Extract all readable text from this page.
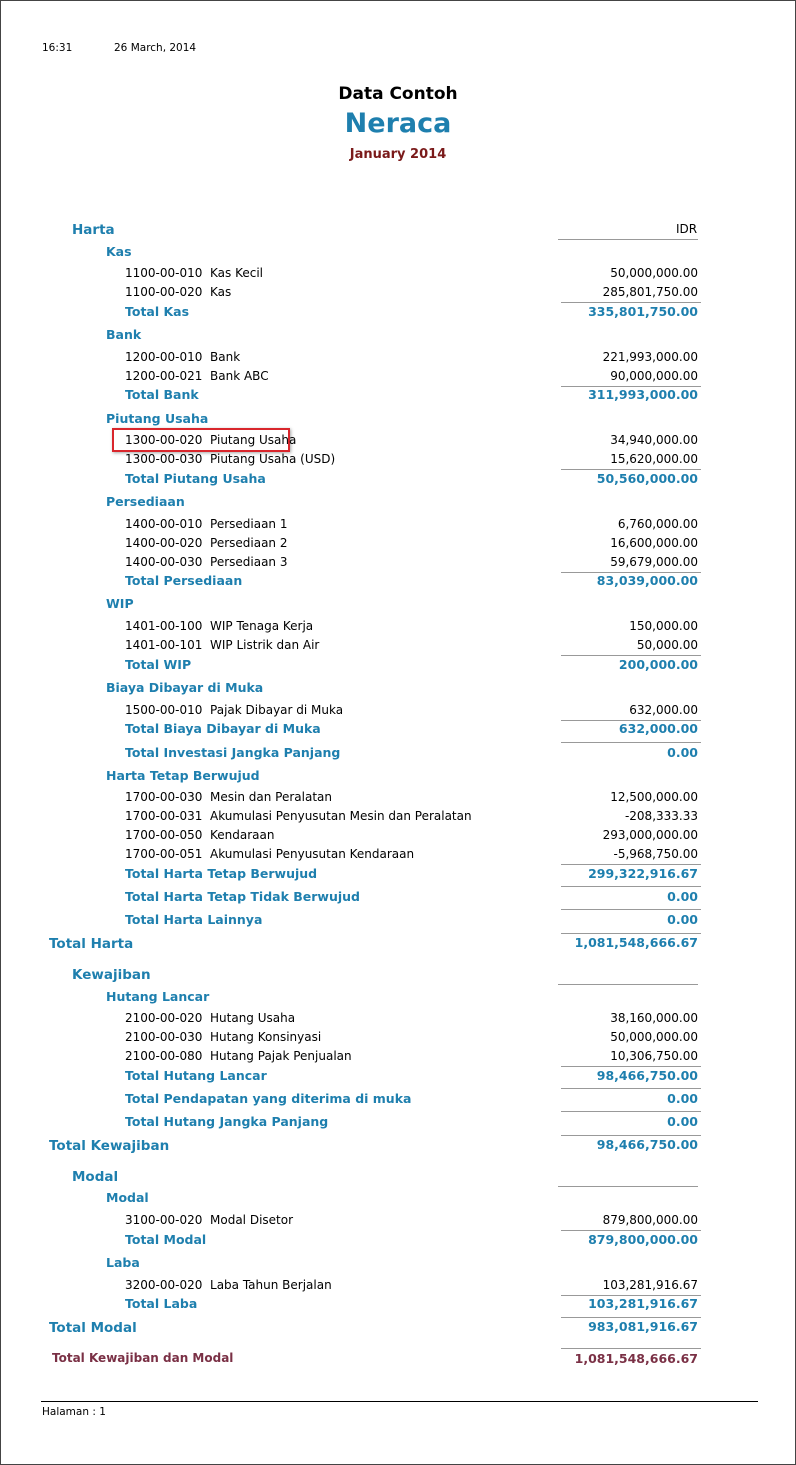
16:31	26 March, 2014
Data Contoh
Neraca
January 2014
Harta	IDR
Kas
1100-00-010 Kas Kecil	50,000,000.00
1100-00-020 Kas	285,801,750.00
Total Kas	335,801,750.00
Bank
1200-00-010 Bank	221,993,000.00
1200-00-021 Bank ABC	90,000,000.00
Total Bank	311,993,000.00
Piutang Usaha
1300-00-020 Piutang Usaha	34,940,000.00
1300-00-030 Piutang Usaha (USD)	15,620,000.00
Total Piutang Usaha	50,560,000.00
Persediaan
1400-00-010 Persediaan 1	6,760,000.00
1400-00-020 Persediaan 2	16,600,000.00
1400-00-030 Persediaan 3	59,679,000.00
Total Persediaan	83,039,000.00
WIP
1401-00-100 WIP Tenaga Kerja	150,000.00
1401-00-101 WIP Listrik dan Air	50,000.00
Total WIP	200,000.00
Biaya Dibayar di Muka
1500-00-010 Pajak Dibayar di Muka	632,000.00
Total Biaya Dibayar di Muka	632,000.00
Total Investasi Jangka Panjang	0.00
Harta Tetap Berwujud
1700-00-030 Mesin dan Peralatan	12,500,000.00
1700-00-031 Akumulasi Penyusutan Mesin dan Peralatan	-208,333.33
1700-00-050 Kendaraan	293,000,000.00
1700-00-051 Akumulasi Penyusutan Kendaraan	-5,968,750.00
Total Harta Tetap Berwujud	299,322,916.67
Total Harta Tetap Tidak Berwujud	0.00
Total Harta Lainnya	0.00
Total Harta	1,081,548,666.67
Kewajiban
Hutang Lancar
2100-00-020 Hutang Usaha	38,160,000.00
2100-00-030 Hutang Konsinyasi	50,000,000.00
2100-00-080 Hutang Pajak Penjualan	10,306,750.00
Total Hutang Lancar	98,466,750.00
Total Pendapatan yang diterima di muka	0.00
Total Hutang Jangka Panjang	0.00
Total Kewajiban	98,466,750.00
Modal
Modal
3100-00-020 Modal Disetor	879,800,000.00
Total Modal	879,800,000.00
Laba
3200-00-020 Laba Tahun Berjalan	103,281,916.67
Total Laba	103,281,916.67
Total Modal	983,081,916.67
Total Kewajiban dan Modal	1,081,548,666.67
Halaman : 1
